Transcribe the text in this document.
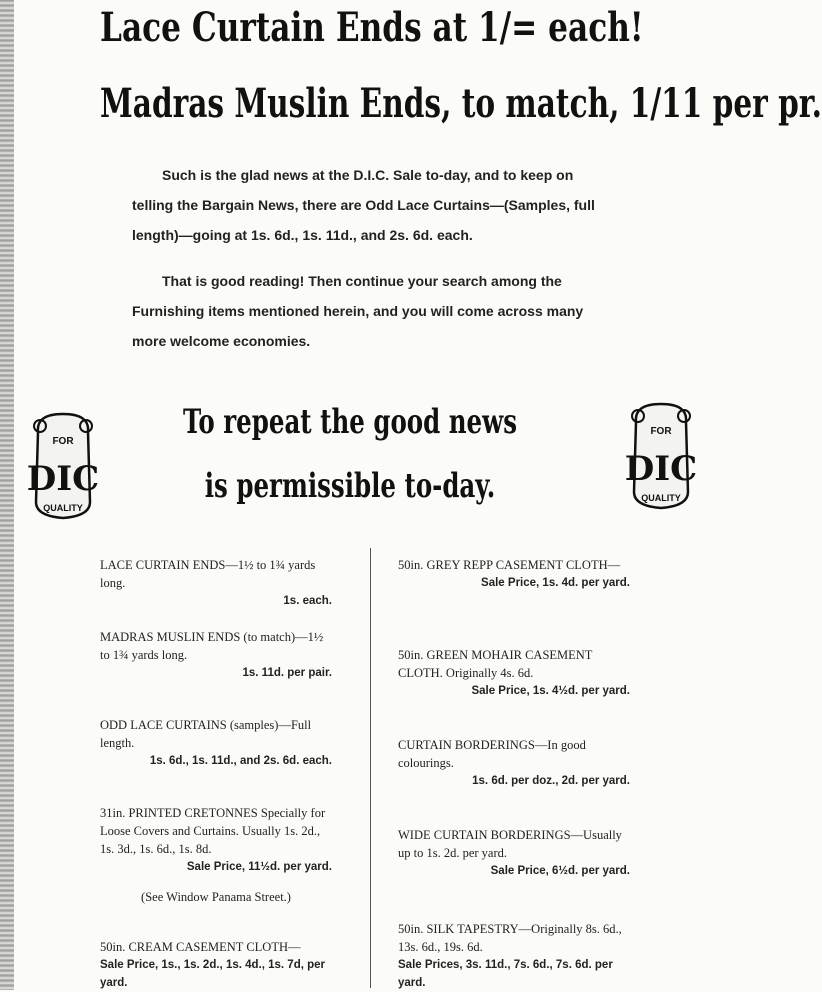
Lace Curtain Ends at 1/= each!
Madras Muslin Ends, to match, 1/11 per pr.
Such is the glad news at the D.I.C. Sale to-day, and to keep on telling the Bargain News, there are Odd Lace Curtains—(Samples, full length)—going at 1s. 6d., 1s. 11d., and 2s. 6d. each.
That is good reading! Then continue your search among the Furnishing items mentioned herein, and you will come across many more welcome economies.
FOR
DIC
QUALITY
FOR
DIC
QUALITY
To repeat the good news
is permissible to-day.
LACE CURTAIN ENDS—1½ to 1¾ yards long.
1s. each.
MADRAS MUSLIN ENDS (to match)—1½ to 1¾ yards long.
1s. 11d. per pair.
ODD LACE CURTAINS (samples)—Full length.
1s. 6d., 1s. 11d., and 2s. 6d. each.
31in. PRINTED CRETONNES Specially for Loose Covers and Curtains. Usually 1s. 2d., 1s. 3d., 1s. 6d., 1s. 8d.
Sale Price, 11½d. per yard.
(See Window Panama Street.)
50in. CREAM CASEMENT CLOTH—
Sale Price, 1s., 1s. 2d., 1s. 4d., 1s. 7d, per yard.
50in. GREY REPP CASEMENT CLOTH—
Sale Price, 1s. 4d. per yard.
50in. GREEN MOHAIR CASEMENT CLOTH. Originally 4s. 6d.
Sale Price, 1s. 4½d. per yard.
CURTAIN BORDERINGS—In good colourings.
1s. 6d. per doz., 2d. per yard.
WIDE CURTAIN BORDERINGS—Usually up to 1s. 2d. per yard.
Sale Price, 6½d. per yard.
50in. SILK TAPESTRY—Originally 8s. 6d., 13s. 6d., 19s. 6d.
Sale Prices, 3s. 11d., 7s. 6d., 7s. 6d. per yard.
